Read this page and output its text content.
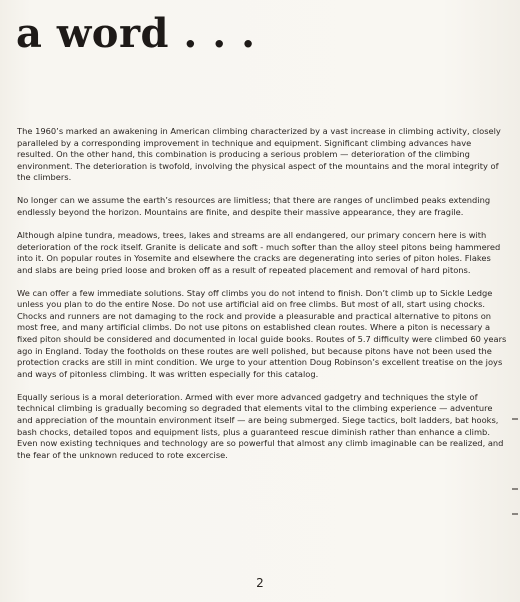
a word . . .

The 1960’s marked an awakening in American climbing characterized by a vast increase in climbing activity, closely paralleled by a corresponding improvement in technique and equipment. Significant climbing advances have resulted. On the other hand, this combination is producing a serious problem — deterioration of the climbing environment. The deterioration is twofold, involving the physical aspect of the mountains and the moral integrity of the climbers.

No longer can we assume the earth’s resources are limitless; that there are ranges of unclimbed peaks extending endlessly beyond the horizon. Mountains are finite, and despite their massive appearance, they are fragile.

Although alpine tundra, meadows, trees, lakes and streams are all endangered, our primary concern here is with deterioration of the rock itself. Granite is delicate and soft - much softer than the alloy steel pitons being hammered into it. On popular routes in Yosemite and elsewhere the cracks are degenerating into series of piton holes. Flakes and slabs are being pried loose and broken off as a result of repeated placement and removal of hard pitons.

We can offer a few immediate solutions. Stay off climbs you do not intend to finish. Don’t climb up to Sickle Ledge unless you plan to do the entire Nose. Do not use artificial aid on free climbs. But most of all, start using chocks. Chocks and runners are not damaging to the rock and provide a pleasurable and practical alternative to pitons on most free, and many artificial climbs. Do not use pitons on established clean routes. Where a piton is necessary a fixed piton should be considered and documented in local guide books. Routes of 5.7 difficulty were climbed 60 years ago in England. Today the footholds on these routes are well polished, but because pitons have not been used the protection cracks are still in mint condition. We urge to your attention Doug Robinson’s excellent treatise on the joys and ways of pitonless climbing. It was written especially for this catalog.

Equally serious is a moral deterioration. Armed with ever more advanced gadgetry and techniques the style of technical climbing is gradually becoming so degraded that elements vital to the climbing experience — adventure and appreciation of the mountain environment itself — are being submerged. Siege tactics, bolt ladders, bat hooks, bash chocks, detailed topos and equipment lists, plus a guaranteed rescue diminish rather than enhance a climb. Even now existing techniques and technology are so powerful that almost any climb imaginable can be realized, and the fear of the unknown reduced to rote excercise.

2
